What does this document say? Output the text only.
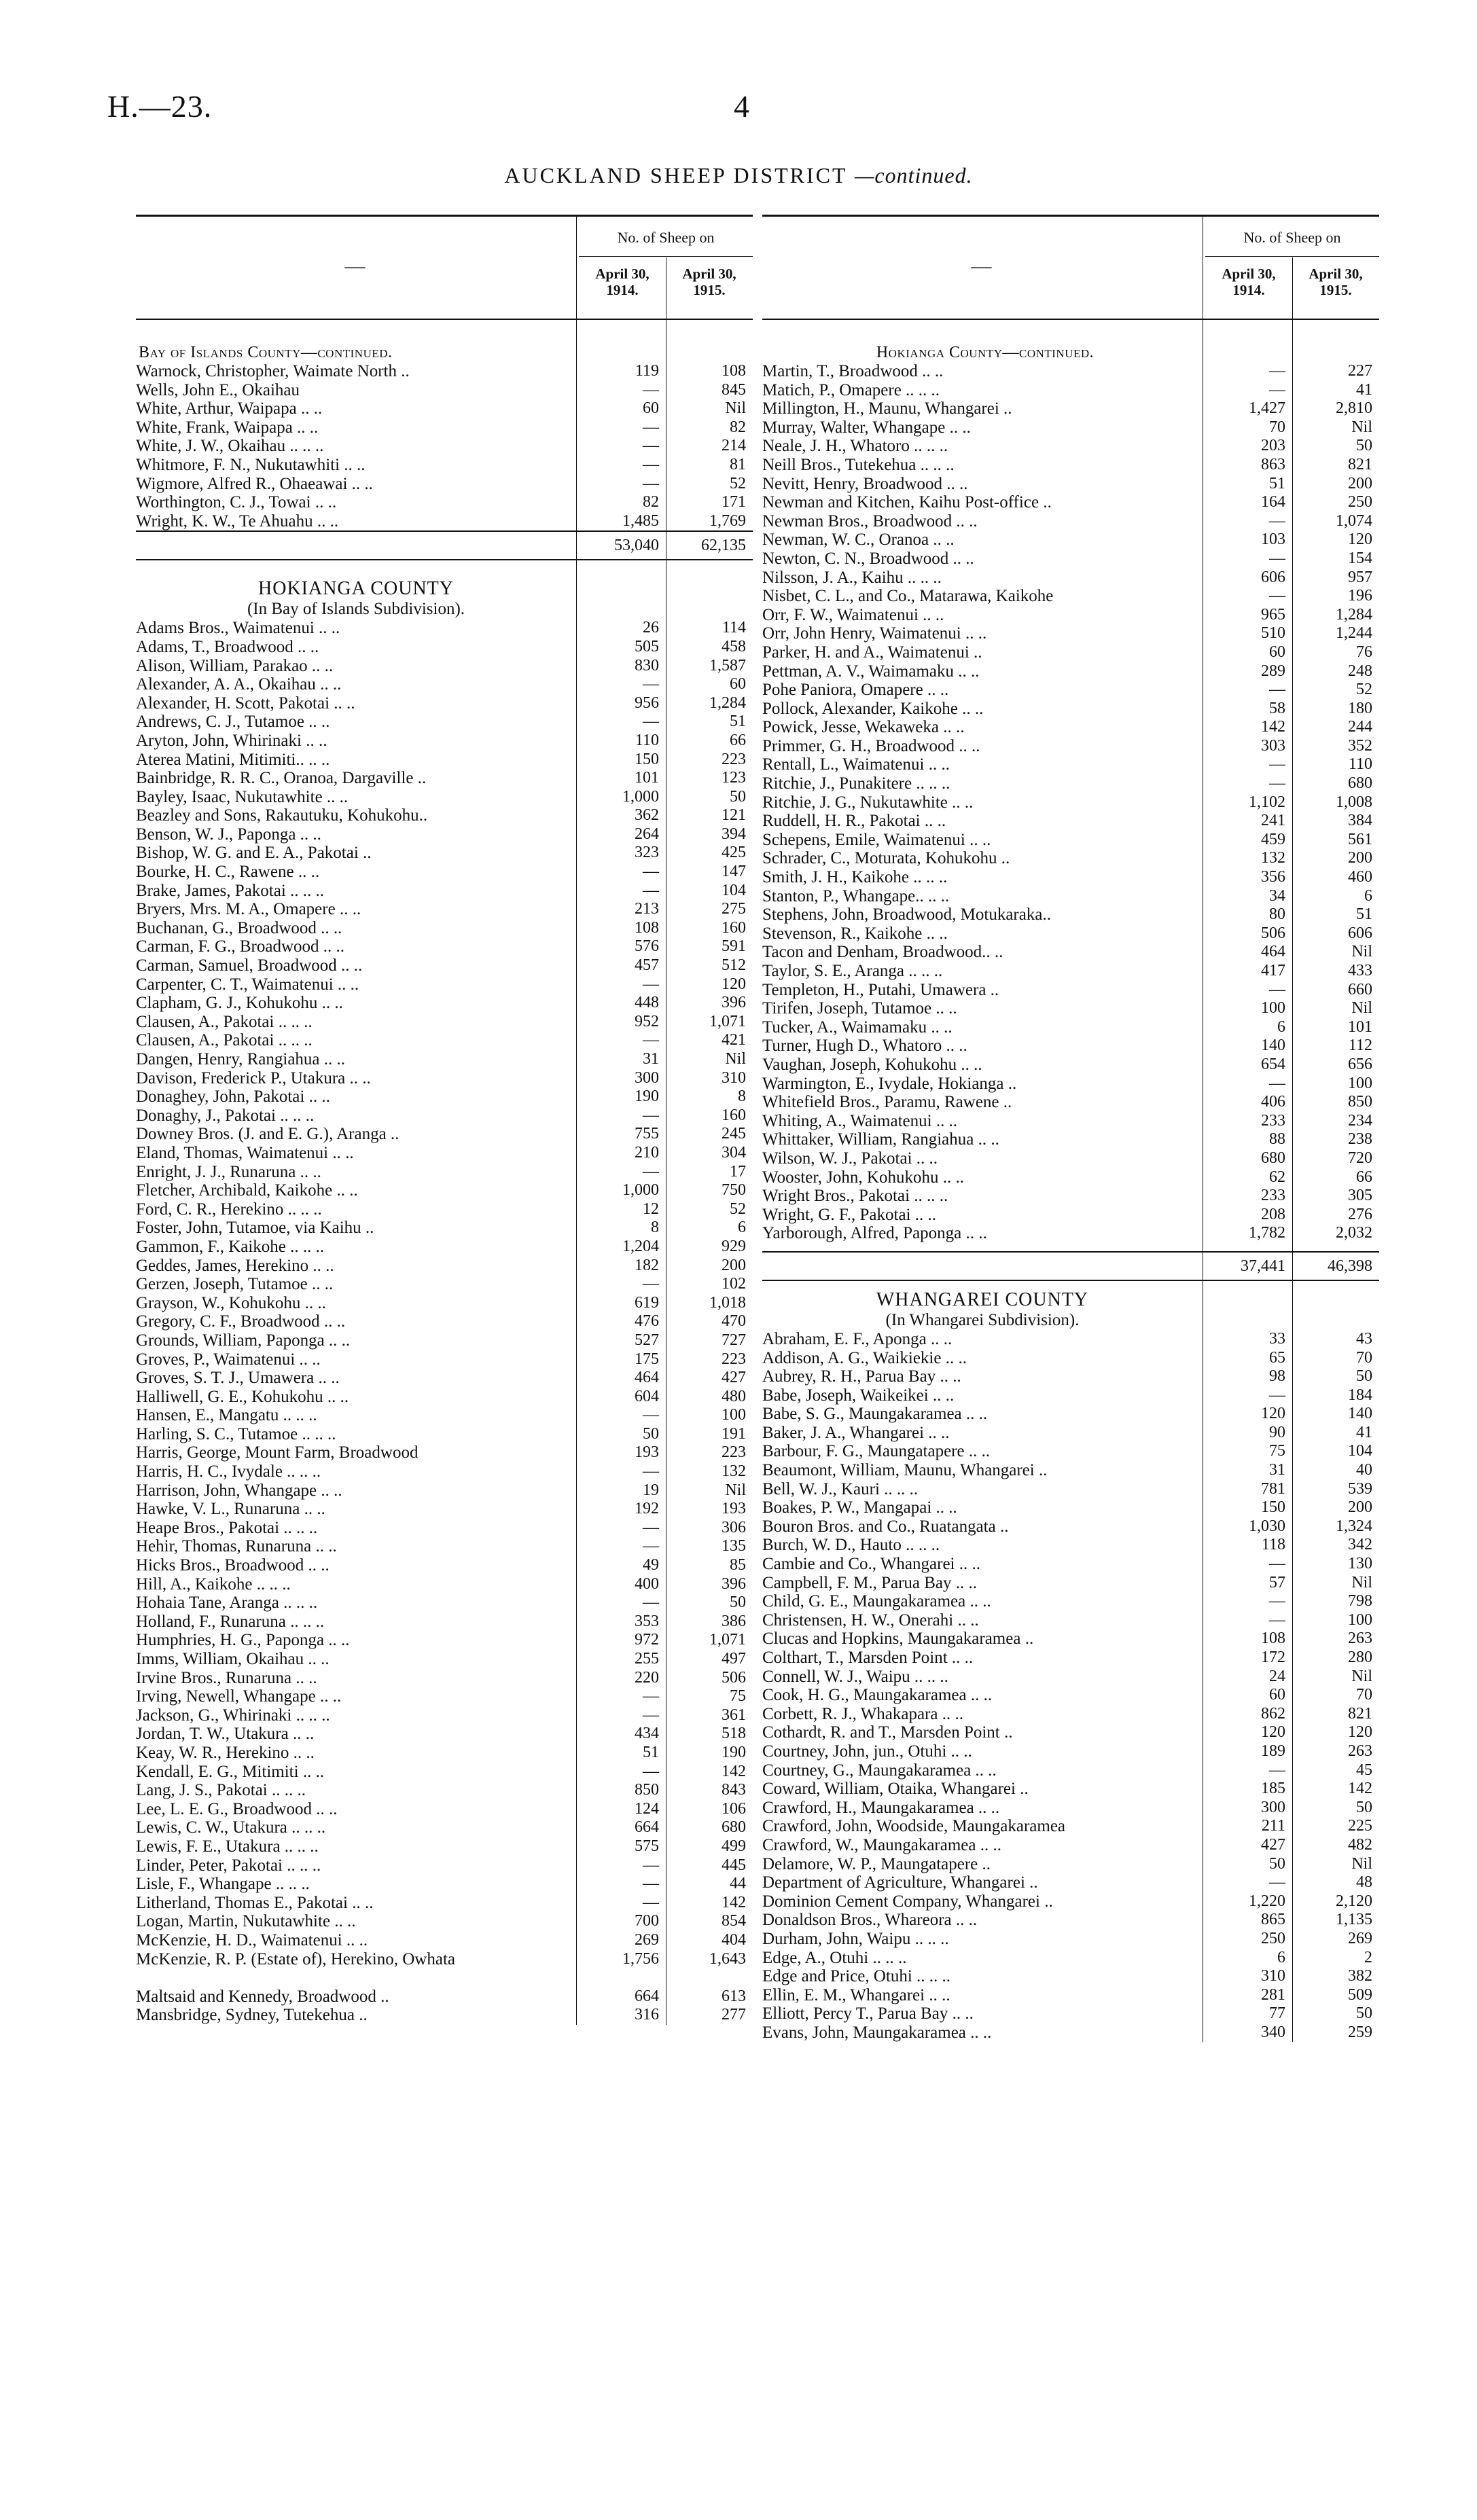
H.—23.	4
AUCKLAND SHEEP DISTRICT —continued.
—
No. of Sheep on
April 30,
1914.
April 30,
1915.
Bay of Islands County—continued.
Warnock, Christopher, Waimate North ..	119	108
Wells, John E., Okaihau	—	845
White, Arthur, Waipapa .. ..	60	Nil
White, Frank, Waipapa .. ..	—	82
White, J. W., Okaihau .. .. ..	—	214
Whitmore, F. N., Nukutawhiti .. ..	—	81
Wigmore, Alfred R., Ohaeawai .. ..	—	52
Worthington, C. J., Towai .. ..	82	171
Wright, K. W., Te Ahuahu .. ..	1,485	1,769
53,040	62,135
HOKIANGA COUNTY
(In Bay of Islands Subdivision).
Adams Bros., Waimatenui .. ..	26	114
Adams, T., Broadwood .. ..	505	458
Alison, William, Parakao .. ..	830	1,587
Alexander, A. A., Okaihau .. ..	—	60
Alexander, H. Scott, Pakotai .. ..	956	1,284
Andrews, C. J., Tutamoe .. ..	—	51
Aryton, John, Whirinaki .. ..	110	66
Aterea Matini, Mitimiti.. .. ..	150	223
Bainbridge, R. R. C., Oranoa, Dargaville ..	101	123
Bayley, Isaac, Nukutawhite .. ..	1,000	50
Beazley and Sons, Rakautuku, Kohukohu..	362	121
Benson, W. J., Paponga .. ..	264	394
Bishop, W. G. and E. A., Pakotai ..	323	425
Bourke, H. C., Rawene .. ..	—	147
Brake, James, Pakotai .. .. ..	—	104
Bryers, Mrs. M. A., Omapere .. ..	213	275
Buchanan, G., Broadwood .. ..	108	160
Carman, F. G., Broadwood .. ..	576	591
Carman, Samuel, Broadwood .. ..	457	512
Carpenter, C. T., Waimatenui .. ..	—	120
Clapham, G. J., Kohukohu .. ..	448	396
Clausen, A., Pakotai .. .. ..	952	1,071
Clausen, A., Pakotai .. .. ..	—	421
Dangen, Henry, Rangiahua .. ..	31	Nil
Davison, Frederick P., Utakura .. ..	300	310
Donaghey, John, Pakotai .. ..	190	8
Donaghy, J., Pakotai .. .. ..	—	160
Downey Bros. (J. and E. G.), Aranga ..	755	245
Eland, Thomas, Waimatenui .. ..	210	304
Enright, J. J., Runaruna .. ..	—	17
Fletcher, Archibald, Kaikohe .. ..	1,000	750
Ford, C. R., Herekino .. .. ..	12	52
Foster, John, Tutamoe, via Kaihu ..	8	6
Gammon, F., Kaikohe .. .. ..	1,204	929
Geddes, James, Herekino .. ..	182	200
Gerzen, Joseph, Tutamoe .. ..	—	102
Grayson, W., Kohukohu .. ..	619	1,018
Gregory, C. F., Broadwood .. ..	476	470
Grounds, William, Paponga .. ..	527	727
Groves, P., Waimatenui .. ..	175	223
Groves, S. T. J., Umawera .. ..	464	427
Halliwell, G. E., Kohukohu .. ..	604	480
Hansen, E., Mangatu .. .. ..	—	100
Harling, S. C., Tutamoe .. .. ..	50	191
Harris, George, Mount Farm, Broadwood	193	223
Harris, H. C., Ivydale .. .. ..	—	132
Harrison, John, Whangape .. ..	19	Nil
Hawke, V. L., Runaruna .. ..	192	193
Heape Bros., Pakotai .. .. ..	—	306
Hehir, Thomas, Runaruna .. ..	—	135
Hicks Bros., Broadwood .. ..	49	85
Hill, A., Kaikohe .. .. ..	400	396
Hohaia Tane, Aranga .. .. ..	—	50
Holland, F., Runaruna .. .. ..	353	386
Humphries, H. G., Paponga .. ..	972	1,071
Imms, William, Okaihau .. ..	255	497
Irvine Bros., Runaruna .. ..	220	506
Irving, Newell, Whangape .. ..	—	75
Jackson, G., Whirinaki .. .. ..	—	361
Jordan, T. W., Utakura .. ..	434	518
Keay, W. R., Herekino .. ..	51	190
Kendall, E. G., Mitimiti .. ..	—	142
Lang, J. S., Pakotai .. .. ..	850	843
Lee, L. E. G., Broadwood .. ..	124	106
Lewis, C. W., Utakura .. .. ..	664	680
Lewis, F. E., Utakura .. .. ..	575	499
Linder, Peter, Pakotai .. .. ..	—	445
Lisle, F., Whangape .. .. ..	—	44
Litherland, Thomas E., Pakotai .. ..	—	142
Logan, Martin, Nukutawhite .. ..	700	854
McKenzie, H. D., Waimatenui .. ..	269	404
McKenzie, R. P. (Estate of), Herekino, Owhata	1,756	1,643
Maltsaid and Kennedy, Broadwood ..	664	613
Mansbridge, Sydney, Tutekehua ..	316	277
—
No. of Sheep on
April 30,
1914.
April 30,
1915.
Hokianga County—continued.
Martin, T., Broadwood .. ..	—	227
Matich, P., Omapere .. .. ..	—	41
Millington, H., Maunu, Whangarei ..	1,427	2,810
Murray, Walter, Whangape .. ..	70	Nil
Neale, J. H., Whatoro .. .. ..	203	50
Neill Bros., Tutekehua .. .. ..	863	821
Nevitt, Henry, Broadwood .. ..	51	200
Newman and Kitchen, Kaihu Post-office ..	164	250
Newman Bros., Broadwood .. ..	—	1,074
Newman, W. C., Oranoa .. ..	103	120
Newton, C. N., Broadwood .. ..	—	154
Nilsson, J. A., Kaihu .. .. ..	606	957
Nisbet, C. L., and Co., Matarawa, Kaikohe	—	196
Orr, F. W., Waimatenui .. ..	965	1,284
Orr, John Henry, Waimatenui .. ..	510	1,244
Parker, H. and A., Waimatenui ..	60	76
Pettman, A. V., Waimamaku .. ..	289	248
Pohe Paniora, Omapere .. ..	—	52
Pollock, Alexander, Kaikohe .. ..	58	180
Powick, Jesse, Wekaweka .. ..	142	244
Primmer, G. H., Broadwood .. ..	303	352
Rentall, L., Waimatenui .. ..	—	110
Ritchie, J., Punakitere .. .. ..	—	680
Ritchie, J. G., Nukutawhite .. ..	1,102	1,008
Ruddell, H. R., Pakotai .. ..	241	384
Schepens, Emile, Waimatenui .. ..	459	561
Schrader, C., Moturata, Kohukohu ..	132	200
Smith, J. H., Kaikohe .. .. ..	356	460
Stanton, P., Whangape.. .. ..	34	6
Stephens, John, Broadwood, Motukaraka..	80	51
Stevenson, R., Kaikohe .. ..	506	606
Tacon and Denham, Broadwood.. ..	464	Nil
Taylor, S. E., Aranga .. .. ..	417	433
Templeton, H., Putahi, Umawera ..	—	660
Tirifen, Joseph, Tutamoe .. ..	100	Nil
Tucker, A., Waimamaku .. ..	6	101
Turner, Hugh D., Whatoro .. ..	140	112
Vaughan, Joseph, Kohukohu .. ..	654	656
Warmington, E., Ivydale, Hokianga ..	—	100
Whitefield Bros., Paramu, Rawene ..	406	850
Whiting, A., Waimatenui .. ..	233	234
Whittaker, William, Rangiahua .. ..	88	238
Wilson, W. J., Pakotai .. ..	680	720
Wooster, John, Kohukohu .. ..	62	66
Wright Bros., Pakotai .. .. ..	233	305
Wright, G. F., Pakotai .. ..	208	276
Yarborough, Alfred, Paponga .. ..	1,782	2,032
37,441	46,398
WHANGAREI COUNTY
(In Whangarei Subdivision).
Abraham, E. F., Aponga .. ..	33	43
Addison, A. G., Waikiekie .. ..	65	70
Aubrey, R. H., Parua Bay .. ..	98	50
Babe, Joseph, Waikeikei .. ..	—	184
Babe, S. G., Maungakaramea .. ..	120	140
Baker, J. A., Whangarei .. ..	90	41
Barbour, F. G., Maungatapere .. ..	75	104
Beaumont, William, Maunu, Whangarei ..	31	40
Bell, W. J., Kauri .. .. ..	781	539
Boakes, P. W., Mangapai .. ..	150	200
Bouron Bros. and Co., Ruatangata ..	1,030	1,324
Burch, W. D., Hauto .. .. ..	118	342
Cambie and Co., Whangarei .. ..	—	130
Campbell, F. M., Parua Bay .. ..	57	Nil
Child, G. E., Maungakaramea .. ..	—	798
Christensen, H. W., Onerahi .. ..	—	100
Clucas and Hopkins, Maungakaramea ..	108	263
Colthart, T., Marsden Point .. ..	172	280
Connell, W. J., Waipu .. .. ..	24	Nil
Cook, H. G., Maungakaramea .. ..	60	70
Corbett, R. J., Whakapara .. ..	862	821
Cothardt, R. and T., Marsden Point ..	120	120
Courtney, John, jun., Otuhi .. ..	189	263
Courtney, G., Maungakaramea .. ..	—	45
Coward, William, Otaika, Whangarei ..	185	142
Crawford, H., Maungakaramea .. ..	300	50
Crawford, John, Woodside, Maungakaramea	211	225
Crawford, W., Maungakaramea .. ..	427	482
Delamore, W. P., Maungatapere ..	50	Nil
Department of Agriculture, Whangarei ..	—	48
Dominion Cement Company, Whangarei ..	1,220	2,120
Donaldson Bros., Whareora .. ..	865	1,135
Durham, John, Waipu .. .. ..	250	269
Edge, A., Otuhi .. .. ..	6	2
Edge and Price, Otuhi .. .. ..	310	382
Ellin, E. M., Whangarei .. ..	281	509
Elliott, Percy T., Parua Bay .. ..	77	50
Evans, John, Maungakaramea .. ..	340	259
